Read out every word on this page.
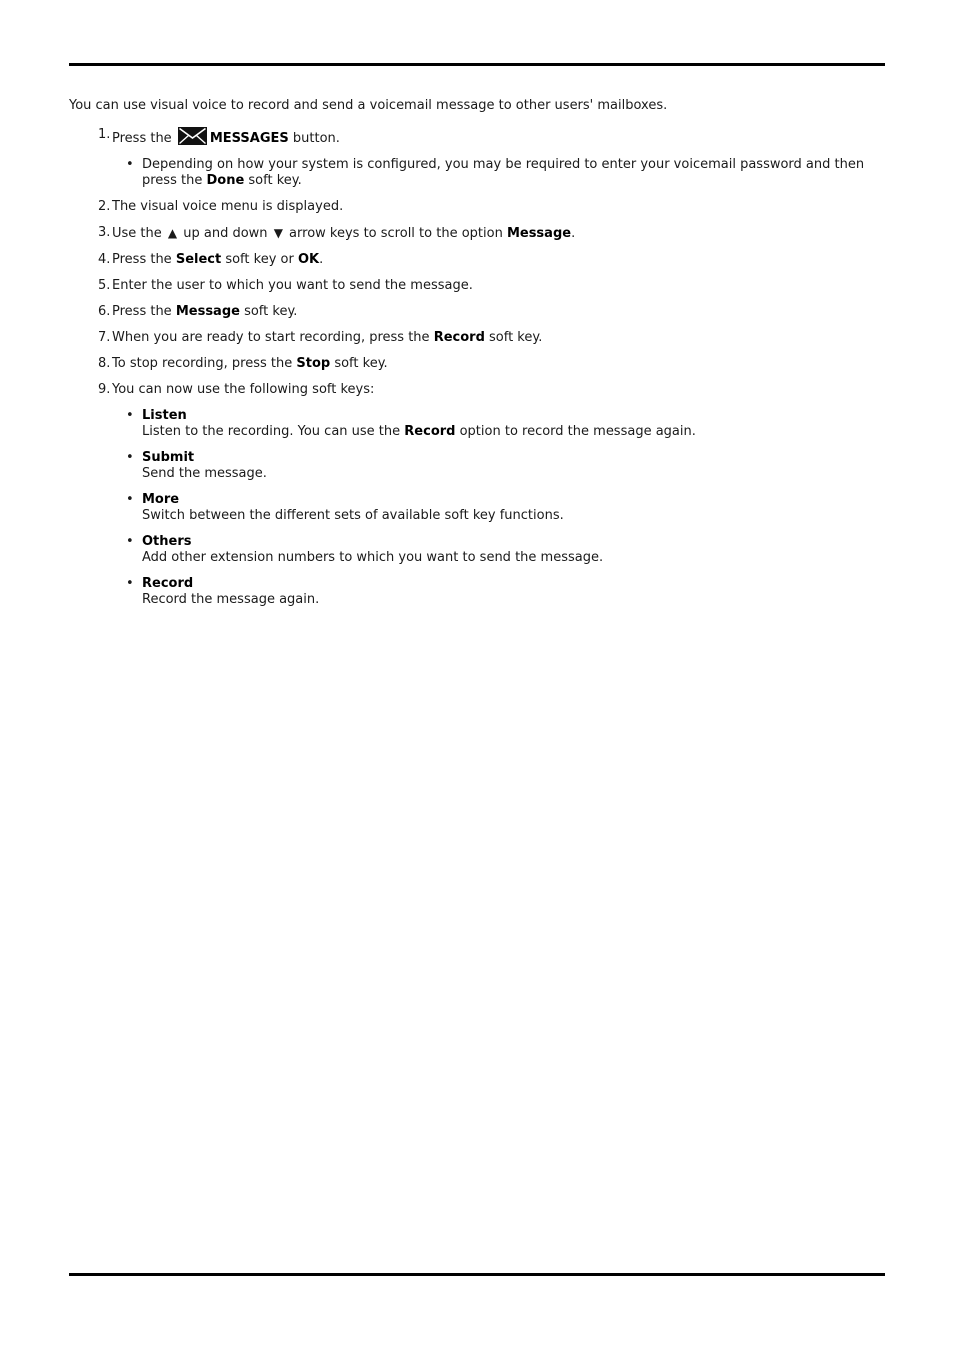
You can use visual voice to record and send a voicemail message to other users' mailboxes.

1. Press the	MESSAGES button.
• Depending on how your system is configured, you may be required to enter your voicemail password and then press the Done soft key.
2. The visual voice menu is displayed.
3. Use the ▲ up and down ▼ arrow keys to scroll to the option Message.
4. Press the Select soft key or OK.
5. Enter the user to which you want to send the message.
6. Press the Message soft key.
7. When you are ready to start recording, press the Record soft key.
8. To stop recording, press the Stop soft key.
9. You can now use the following soft keys:
• Listen
Listen to the recording. You can use the Record option to record the message again.
• Submit
Send the message.
• More
Switch between the different sets of available soft key functions.
• Others
Add other extension numbers to which you want to send the message.
• Record
Record the message again.
